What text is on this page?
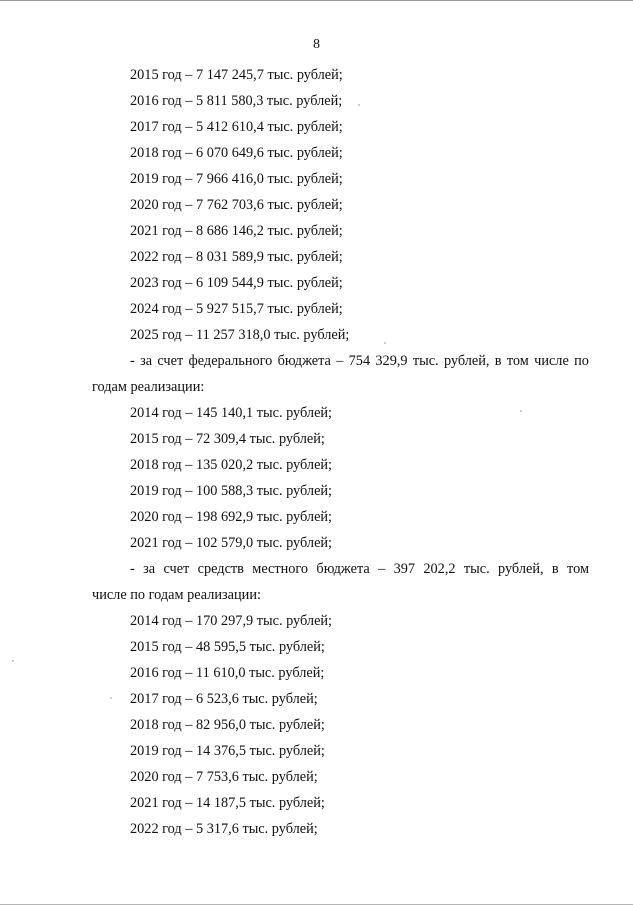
8
2015 год – 7 147 245,7 тыс. рублей;
2016 год – 5 811 580,3 тыс. рублей;
2017 год – 5 412 610,4 тыс. рублей;
2018 год – 6 070 649,6 тыс. рублей;
2019 год – 7 966 416,0 тыс. рублей;
2020 год – 7 762 703,6 тыс. рублей;
2021 год – 8 686 146,2 тыс. рублей;
2022 год – 8 031 589,9 тыс. рублей;
2023 год – 6 109 544,9 тыс. рублей;
2024 год – 5 927 515,7 тыс. рублей;
2025 год – 11 257 318,0 тыс. рублей;
- за счет федерального бюджета – 754 329,9 тыс. рублей, в том числе по
годам реализации:
2014 год – 145 140,1 тыс. рублей;
2015 год – 72 309,4 тыс. рублей;
2018 год – 135 020,2 тыс. рублей;
2019 год – 100 588,3 тыс. рублей;
2020 год – 198 692,9 тыс. рублей;
2021 год – 102 579,0 тыс. рублей;
- за счет средств местного бюджета – 397 202,2 тыс. рублей, в том
числе по годам реализации:
2014 год – 170 297,9 тыс. рублей;
2015 год – 48 595,5 тыс. рублей;
2016 год – 11 610,0 тыс. рублей;
2017 год – 6 523,6 тыс. рублей;
2018 год – 82 956,0 тыс. рублей;
2019 год – 14 376,5 тыс. рублей;
2020 год – 7 753,6 тыс. рублей;
2021 год – 14 187,5 тыс. рублей;
2022 год – 5 317,6 тыс. рублей;
